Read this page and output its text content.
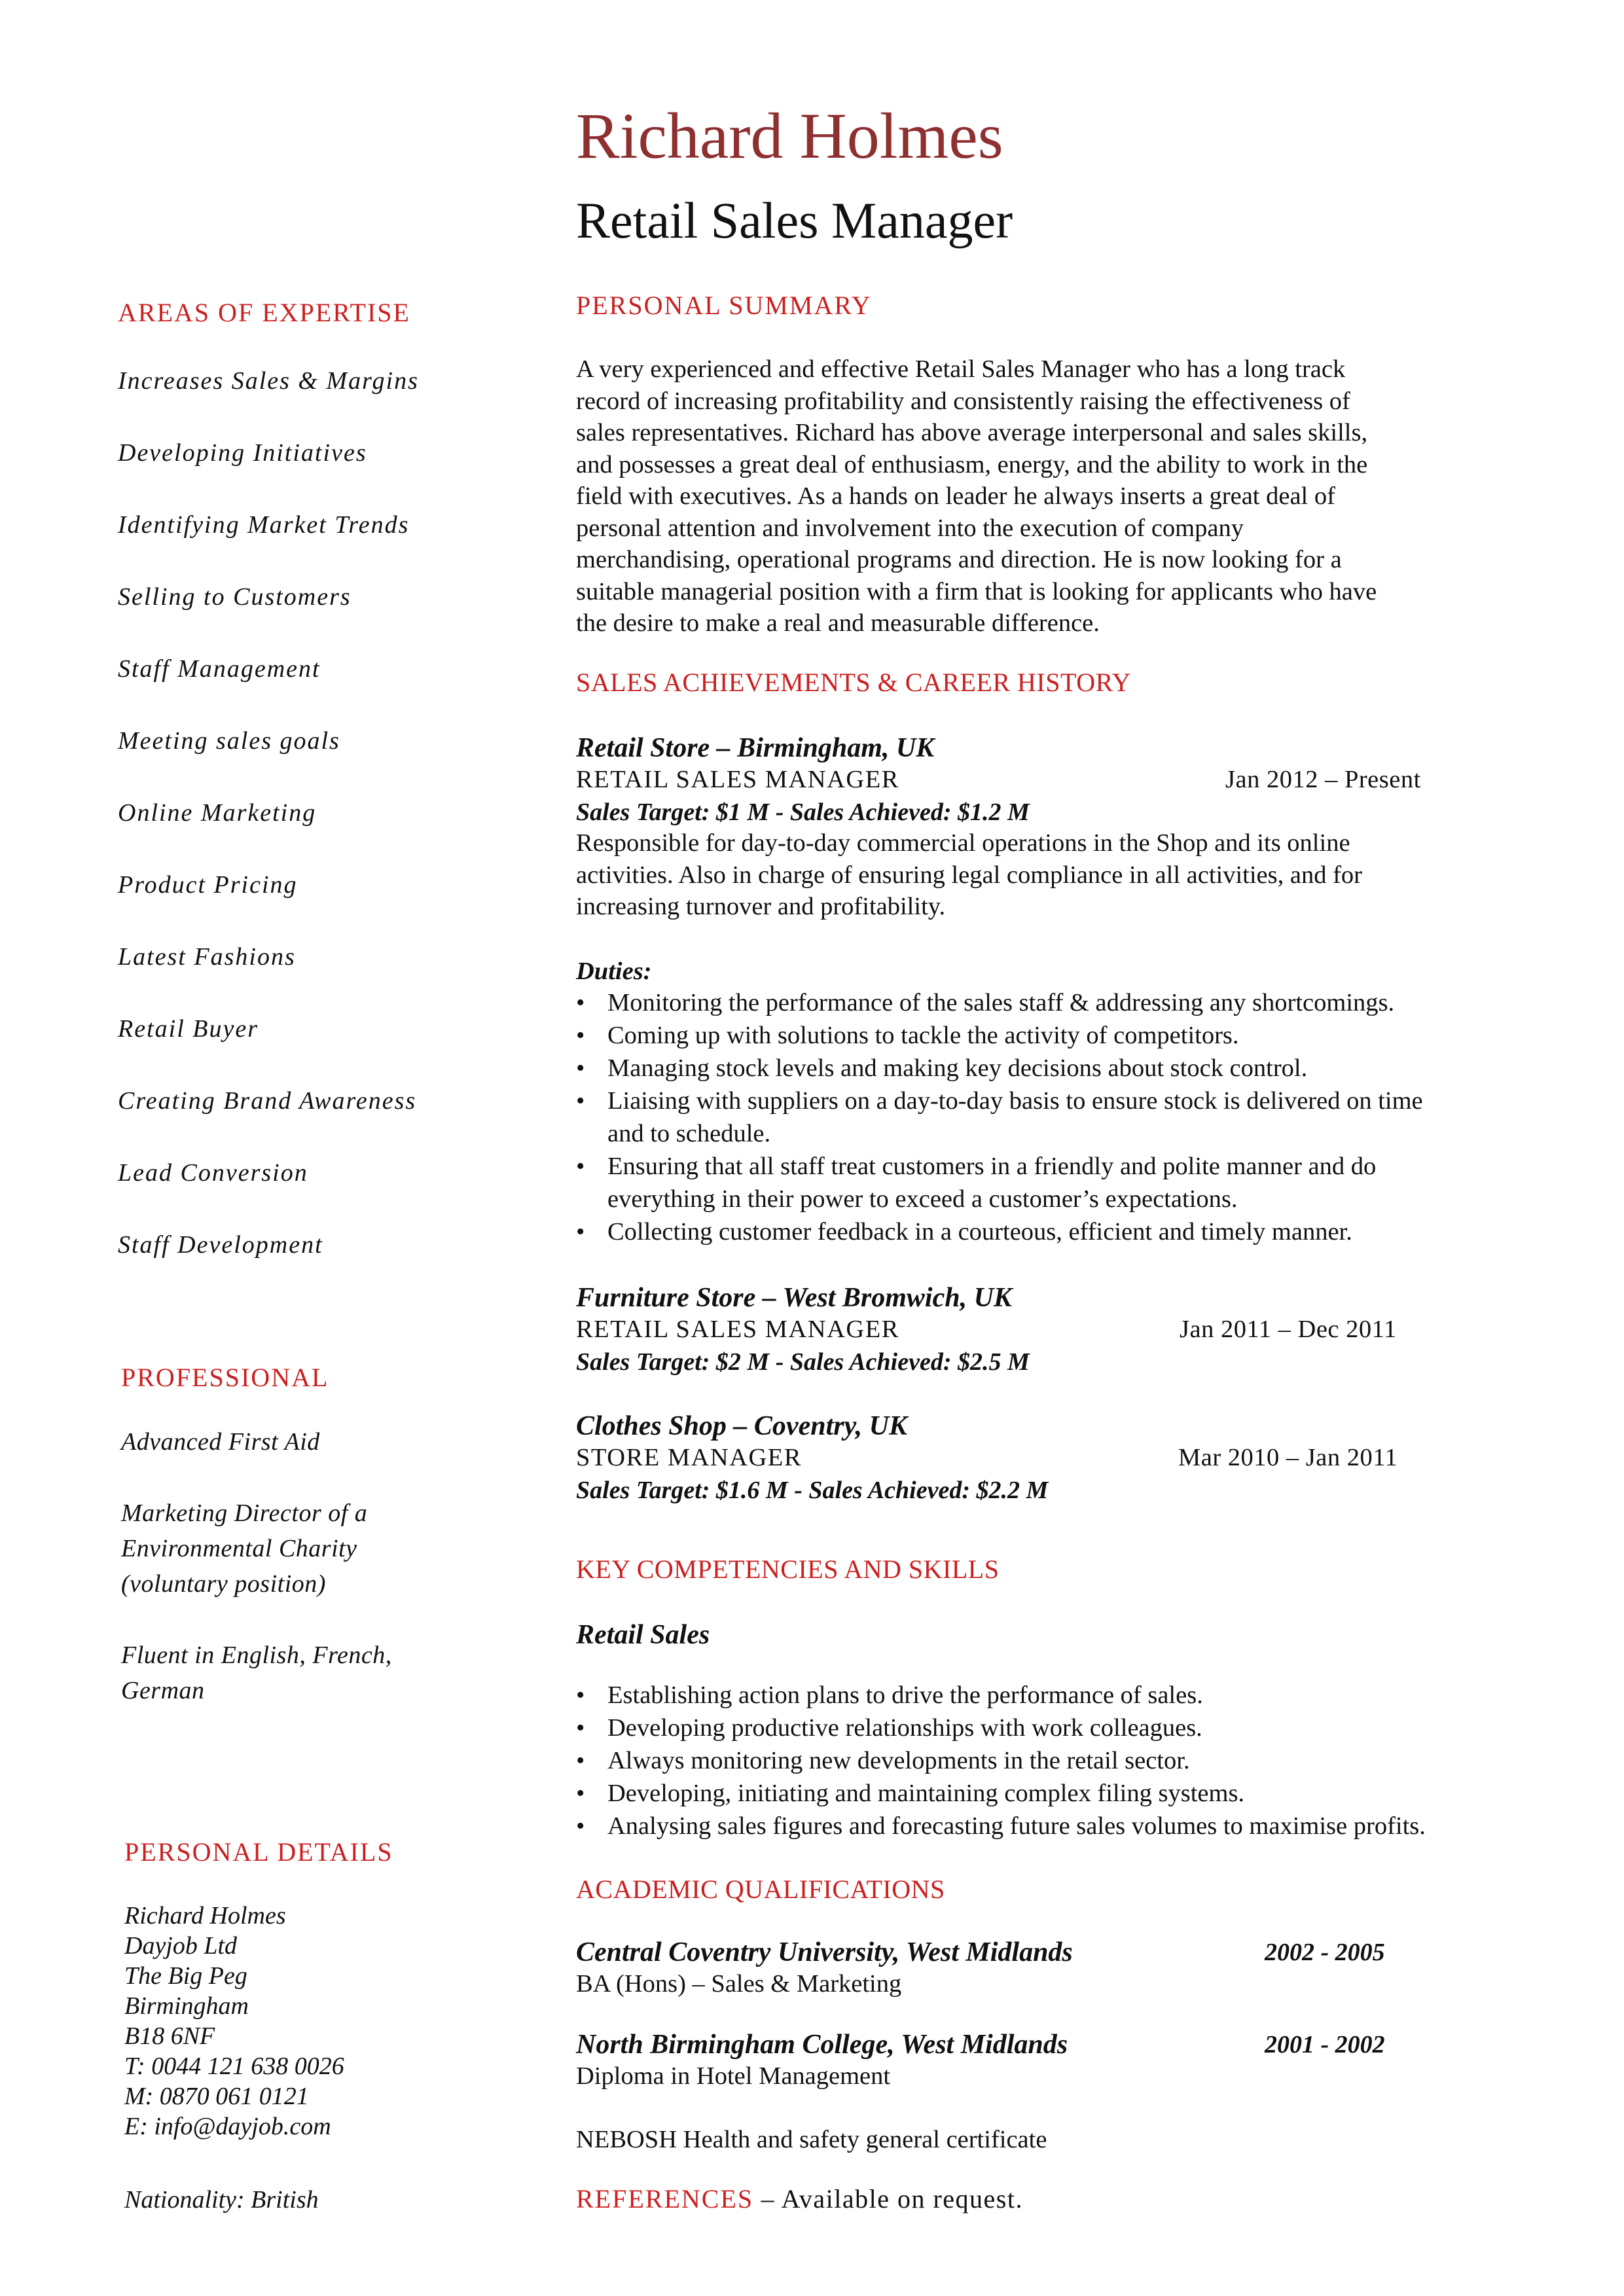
Richard Holmes
Retail Sales Manager
AREAS OF EXPERTISE
Increases Sales & Margins
Developing Initiatives
Identifying Market Trends
Selling to Customers
Staff Management
Meeting sales goals
Online Marketing
Product Pricing
Latest Fashions
Retail Buyer
Creating Brand Awareness
Lead Conversion
Staff Development
PROFESSIONAL
Advanced First Aid
Marketing Director of a
Environmental Charity
(voluntary position)
Fluent in English, French,
German
PERSONAL DETAILS
Richard Holmes
Dayjob Ltd
The Big Peg
Birmingham
B18 6NF
T: 0044 121 638 0026
M: 0870 061 0121
E: info@dayjob.com
Nationality: British
PERSONAL SUMMARY
A very experienced and effective Retail Sales Manager who has a long track
record of increasing profitability and consistently raising the effectiveness of
sales representatives. Richard has above average interpersonal and sales skills,
and possesses a great deal of enthusiasm, energy, and the ability to work in the
field with executives. As a hands on leader he always inserts a great deal of
personal attention and involvement into the execution of company
merchandising, operational programs and direction. He is now looking for a
suitable managerial position with a firm that is looking for applicants who have
the desire to make a real and measurable difference.
SALES ACHIEVEMENTS & CAREER HISTORY
Retail Store – Birmingham, UK
RETAIL SALES MANAGER	Jan 2012 – Present
Sales Target: $1 M - Sales Achieved: $1.2 M
Responsible for day-to-day commercial operations in the Shop and its online
activities. Also in charge of ensuring legal compliance in all activities, and for
increasing turnover and profitability.
Duties:
• Monitoring the performance of the sales staff & addressing any shortcomings.
• Coming up with solutions to tackle the activity of competitors.
• Managing stock levels and making key decisions about stock control.
• Liaising with suppliers on a day-to-day basis to ensure stock is delivered on time
and to schedule.
• Ensuring that all staff treat customers in a friendly and polite manner and do
everything in their power to exceed a customer’s expectations.
• Collecting customer feedback in a courteous, efficient and timely manner.
Furniture Store – West Bromwich, UK
RETAIL SALES MANAGER	Jan 2011 – Dec 2011
Sales Target: $2 M - Sales Achieved: $2.5 M
Clothes Shop – Coventry, UK
STORE MANAGER	Mar 2010 – Jan 2011
Sales Target: $1.6 M - Sales Achieved: $2.2 M
KEY COMPETENCIES AND SKILLS
Retail Sales
• Establishing action plans to drive the performance of sales.
• Developing productive relationships with work colleagues.
• Always monitoring new developments in the retail sector.
• Developing, initiating and maintaining complex filing systems.
• Analysing sales figures and forecasting future sales volumes to maximise profits.
ACADEMIC QUALIFICATIONS
Central Coventry University, West Midlands	2002 - 2005
BA (Hons) – Sales & Marketing
North Birmingham College, West Midlands	2001 - 2002
Diploma in Hotel Management
NEBOSH Health and safety general certificate
REFERENCES – Available on request.
